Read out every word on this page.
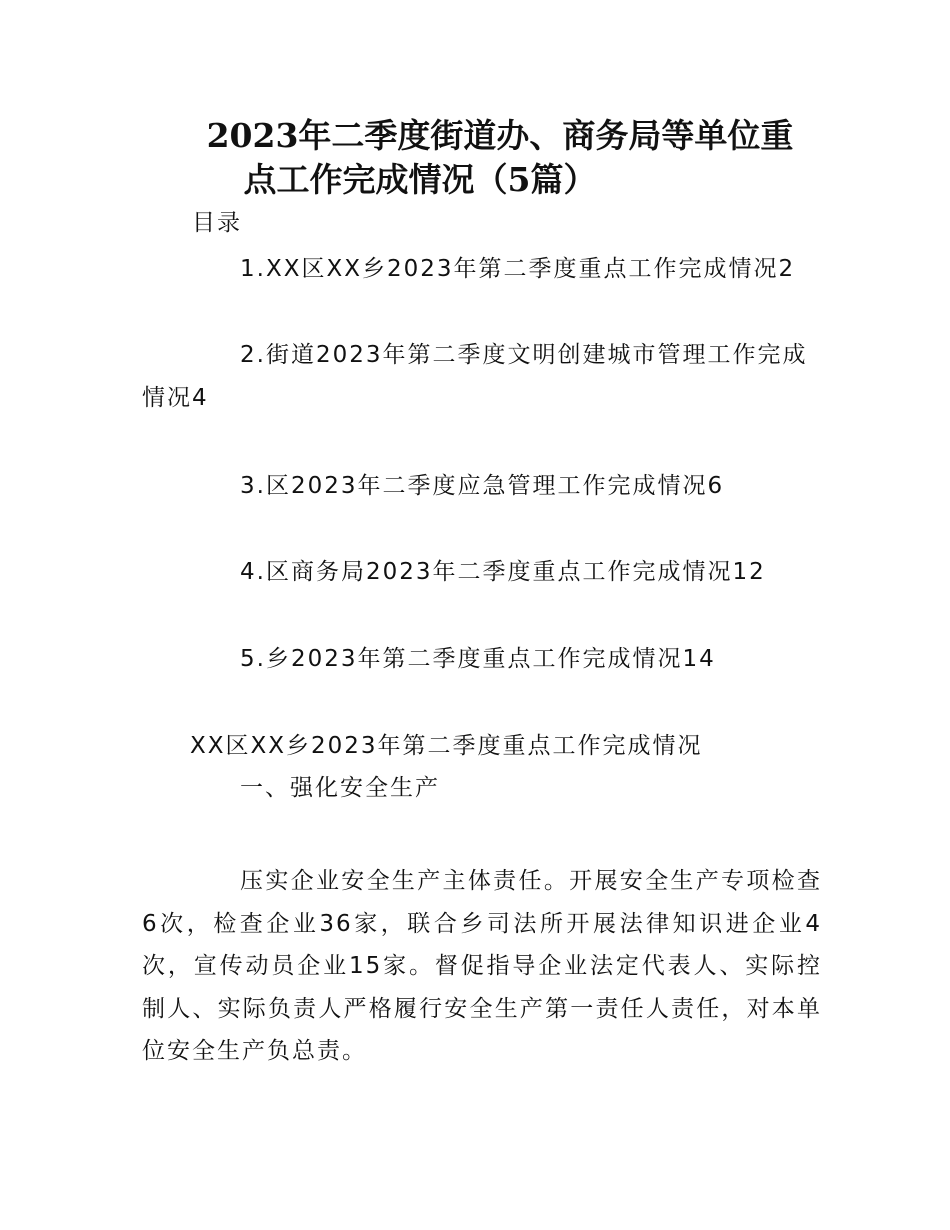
2023年二季度街道办、商务局等单位重
点工作完成情况（5篇）
目录
1.XX区XX乡2023年第二季度重点工作完成情况2
2.街道2023年第二季度文明创建城市管理工作完成
情况4
3.区2023年二季度应急管理工作完成情况6
4.区商务局2023年二季度重点工作完成情况12
5.乡2023年第二季度重点工作完成情况14
XX区XX乡2023年第二季度重点工作完成情况
一、强化安全生产
压实企业安全生产主体责任。开展安全生产专项检查6次，检查企业36家，联合乡司法所开展法律知识进企业4次，宣传动员企业15家。督促指导企业法定代表人、实际控制人、实际负责人严格履行安全生产第一责任人责任，对本单位安全生产负总责。
